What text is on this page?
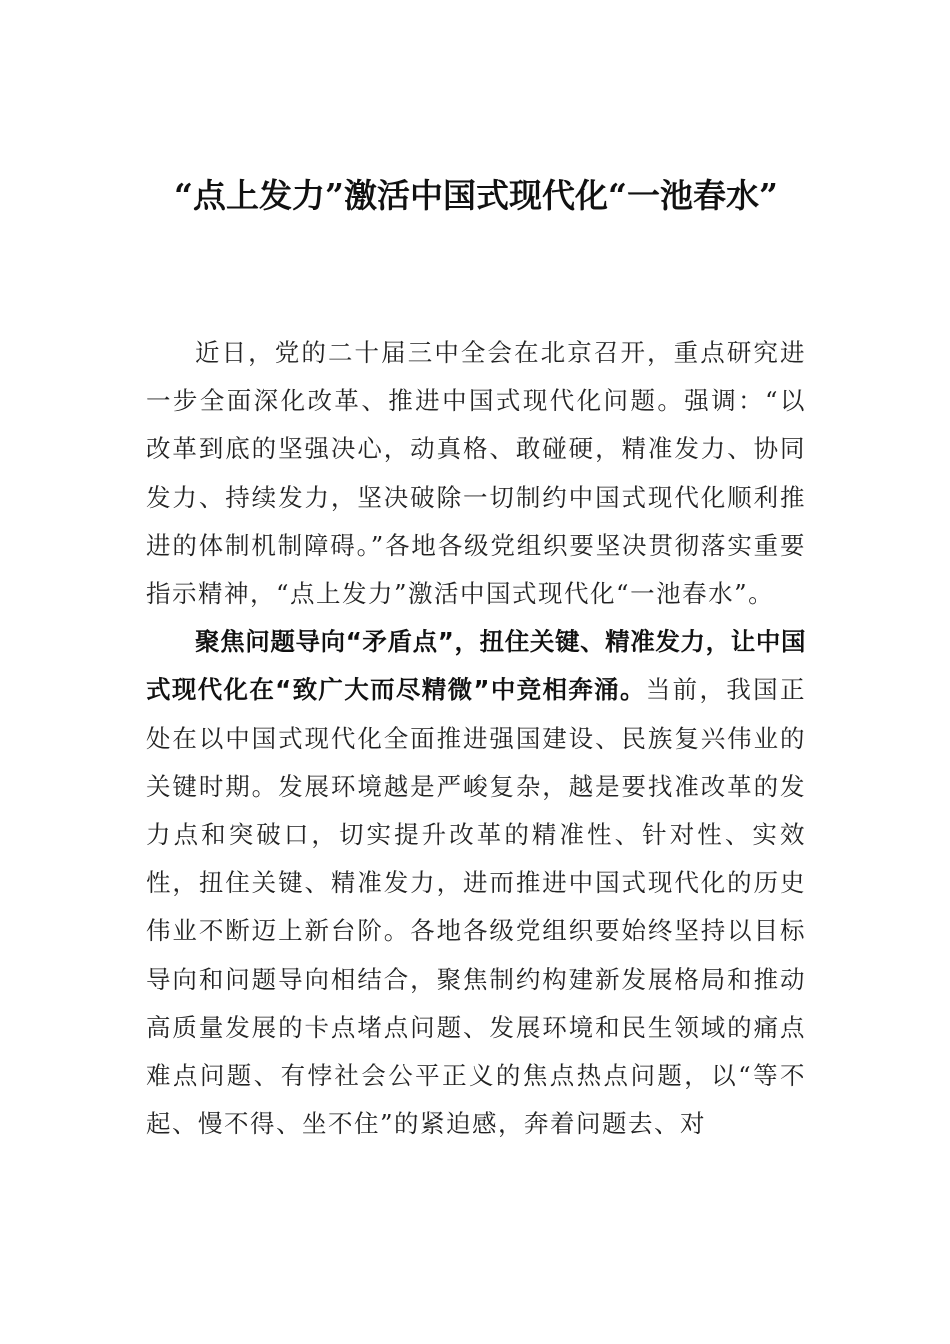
“点上发力”激活中国式现代化“一池春水”

近日，党的二十届三中全会在北京召开，重点研究进一步全面深化改革、推进中国式现代化问题。强调：“以改革到底的坚强决心，动真格、敢碰硬，精准发力、协同发力、持续发力，坚决破除一切制约中国式现代化顺利推进的体制机制障碍。”各地各级党组织要坚决贯彻落实重要指示精神，“点上发力”激活中国式现代化“一池春水”。

聚焦问题导向“矛盾点”，扭住关键、精准发力，让中国式现代化在“致广大而尽精微”中竞相奔涌。当前，我国正处在以中国式现代化全面推进强国建设、民族复兴伟业的关键时期。发展环境越是严峻复杂，越是要找准改革的发力点和突破口，切实提升改革的精准性、针对性、实效性，扭住关键、精准发力，进而推进中国式现代化的历史伟业不断迈上新台阶。各地各级党组织要始终坚持以目标导向和问题导向相结合，聚焦制约构建新发展格局和推动高质量发展的卡点堵点问题、发展环境和民生领域的痛点难点问题、有悖社会公平正义的焦点热点问题，以“等不起、慢不得、坐不住”的紧迫感，奔着问题去、对
